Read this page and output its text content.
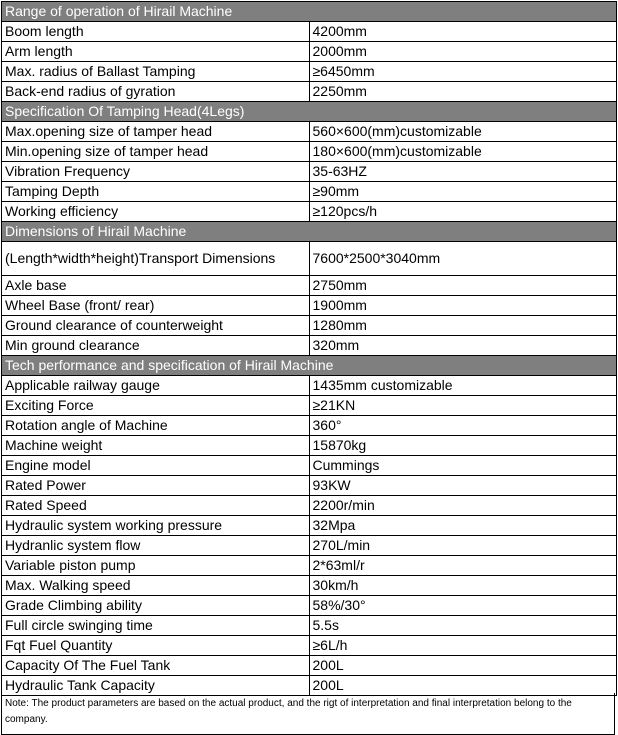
Range of operation of Hirail Machine	
Boom length	4200mm
Arm length	2000mm
Max. radius of Ballast Tamping	≥6450mm
Back-end radius of gyration	2250mm
Specification Of Tamping Head(4Legs)	
Max.opening size of tamper head	560×600(mm)customizable
Min.opening size of tamper head	180×600(mm)customizable
Vibration Frequency	35-63HZ
Tamping Depth	≥90mm
Working efficiency	≥120pcs/h
Dimensions of Hirail Machine	
(Length*width*height)Transport Dimensions	7600*2500*3040mm
Axle base	2750mm
Wheel Base (front/ rear)	1900mm
Ground clearance of counterweight	1280mm
Min ground clearance	320mm
Tech performance and specification of Hirail Machine	
Applicable railway gauge	1435mm customizable
Exciting Force	≥21KN
Rotation angle of Machine	360°
Machine weight	15870kg
Engine model	Cummings
Rated Power	93KW
Rated Speed	2200r/min
Hydraulic system working pressure	32Mpa
Hydranlic system flow	270L/min
Variable piston pump	2*63ml/r
Max. Walking speed	30km/h
Grade Climbing ability	58%/30°
Full circle swinging time	5.5s
Fqt Fuel Quantity	≥6L/h
Capacity Of The Fuel Tank	200L
Hydraulic Tank Capacity	200L
Note: The product parameters are based on the actual product, and the rigt of interpretation and final interpretation belong to the company.
